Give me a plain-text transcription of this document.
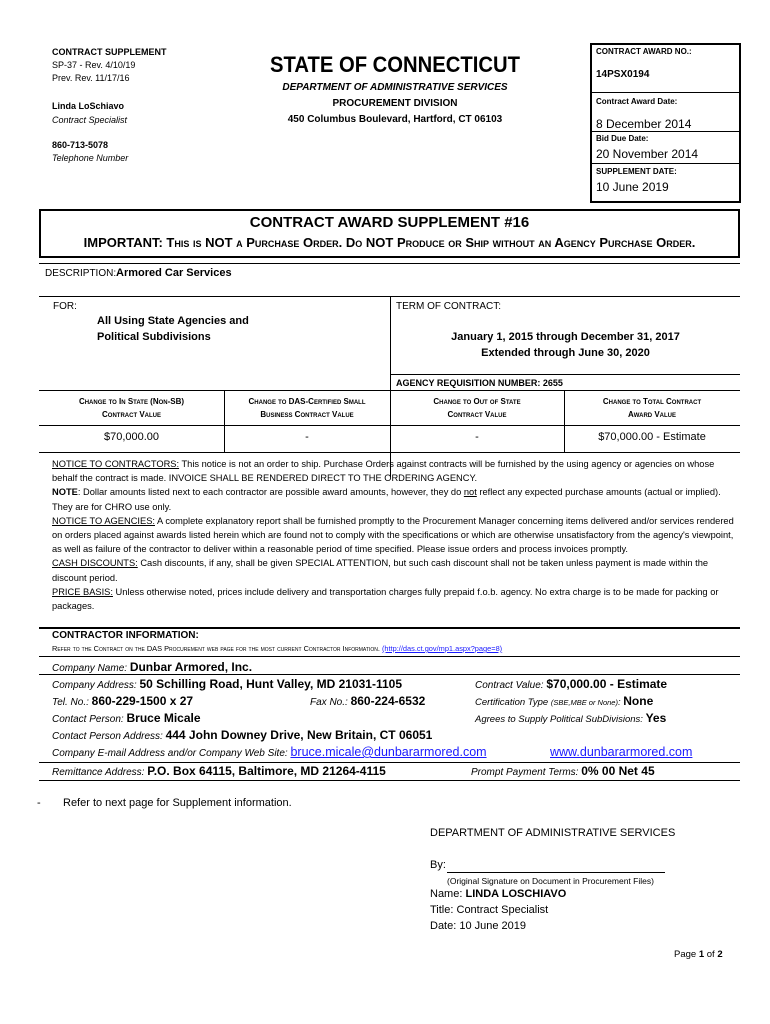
CONTRACT SUPPLEMENT
SP-37 - Rev. 4/10/19
Prev. Rev. 11/17/16
Linda LoSchiavo
Contract Specialist
860-713-5078
Telephone Number
STATE OF CONNECTICUT
DEPARTMENT OF ADMINISTRATIVE SERVICES
PROCUREMENT DIVISION
450 Columbus Boulevard, Hartford, CT 06103
CONTRACT AWARD NO.:
14PSX0194
Contract Award Date:
8 December 2014
Bid Due Date:
20 November 2014
SUPPLEMENT DATE:
10 June 2019
CONTRACT AWARD SUPPLEMENT #16
IMPORTANT: This is NOT a Purchase Order. Do NOT Produce or Ship without an Agency Purchase Order.
DESCRIPTION: Armored Car Services
FOR:
All Using State Agencies and
Political Subdivisions
TERM OF CONTRACT:
January 1, 2015 through December 31, 2017
Extended through June 30, 2020
AGENCY REQUISITION NUMBER: 2655
Change to In State (Non-SB)
Contract Value
Change to DAS-Certified Small
Business Contract Value
Change to Out of State
Contract Value
Change to Total Contract
Award Value
$70,000.00	-	-	$70,000.00 - Estimate
NOTICE TO CONTRACTORS: This notice is not an order to ship. Purchase Orders against contracts will be furnished by the using agency or agencies on whose behalf the contract is made. INVOICE SHALL BE RENDERED DIRECT TO THE ORDERING AGENCY.
NOTE: Dollar amounts listed next to each contractor are possible award amounts, however, they do not reflect any expected purchase amounts (actual or implied). They are for CHRO use only.
NOTICE TO AGENCIES: A complete explanatory report shall be furnished promptly to the Procurement Manager concerning items delivered and/or services rendered on orders placed against awards listed herein which are found not to comply with the specifications or which are otherwise unsatisfactory from the agency's viewpoint, as well as failure of the contractor to deliver within a reasonable period of time specified. Please issue orders and process invoices promptly.
CASH DISCOUNTS: Cash discounts, if any, shall be given SPECIAL ATTENTION, but such cash discount shall not be taken unless payment is made within the discount period.
PRICE BASIS: Unless otherwise noted, prices include delivery and transportation charges fully prepaid f.o.b. agency. No extra charge is to be made for packing or packages.
CONTRACTOR INFORMATION:
Refer to the Contract on the DAS Procurement web page for the most current Contractor Information. (http://das.ct.gov/mp1.aspx?page=8)
Company Name: Dunbar Armored, Inc.
Company Address: 50 Schilling Road, Hunt Valley, MD 21031-1105	Contract Value: $70,000.00 - Estimate
Tel. No.: 860-229-1500 x 27	Fax No.: 860-224-6532	Certification Type (SBE,MBE or None): None
Contact Person: Bruce Micale	Agrees to Supply Political SubDivisions: Yes
Contact Person Address: 444 John Downey Drive, New Britain, CT 06051
Company E-mail Address and/or Company Web Site: bruce.micale@dunbararmored.com	www.dunbararmored.com
Remittance Address: P.O. Box 64115, Baltimore, MD 21264-4115	Prompt Payment Terms: 0% 00 Net 45
- Refer to next page for Supplement information.
DEPARTMENT OF ADMINISTRATIVE SERVICES
By:
(Original Signature on Document in Procurement Files)
Name: LINDA LOSCHIAVO
Title: Contract Specialist
Date: 10 June 2019
Page 1 of 2
